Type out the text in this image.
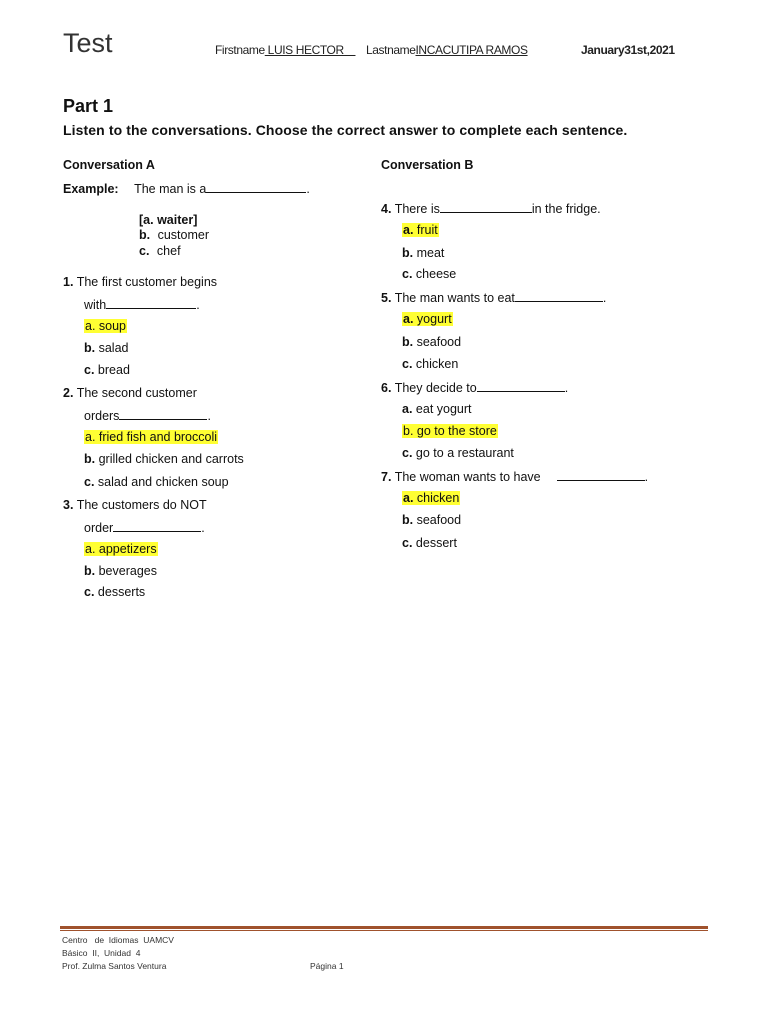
Test	Firstname LUIS HECTOR LastnameINCACUTIPA RAMOS	January31st,2021
Part 1
Listen to the conversations. Choose the correct answer to complete each sentence.
Conversation A
Example: The man is a	.
[a. waiter]
b. customer
c. chef
1. The first customer begins
with	.
a. soup
b. salad
c. bread
2. The second customer
orders	.
a. fried fish and broccoli
b. grilled chicken and carrots
c. salad and chicken soup
3. The customers do NOT
order	.
a. appetizers
b. beverages
c. desserts
Conversation B
4. There is	in the fridge.
a. fruit
b. meat
c. cheese
5. The man wants to eat	.
a. yogurt
b. seafood
c. chicken
6. They decide to	.
a. eat yogurt
b. go to the store
c. go to a restaurant
7. The woman wants to have	.
a. chicken
b. seafood
c. dessert
Centro   de  Idiomas  UAMCV
Básico  II,  Unidad  4
Prof. Zulma Santos Ventura	Página 1
